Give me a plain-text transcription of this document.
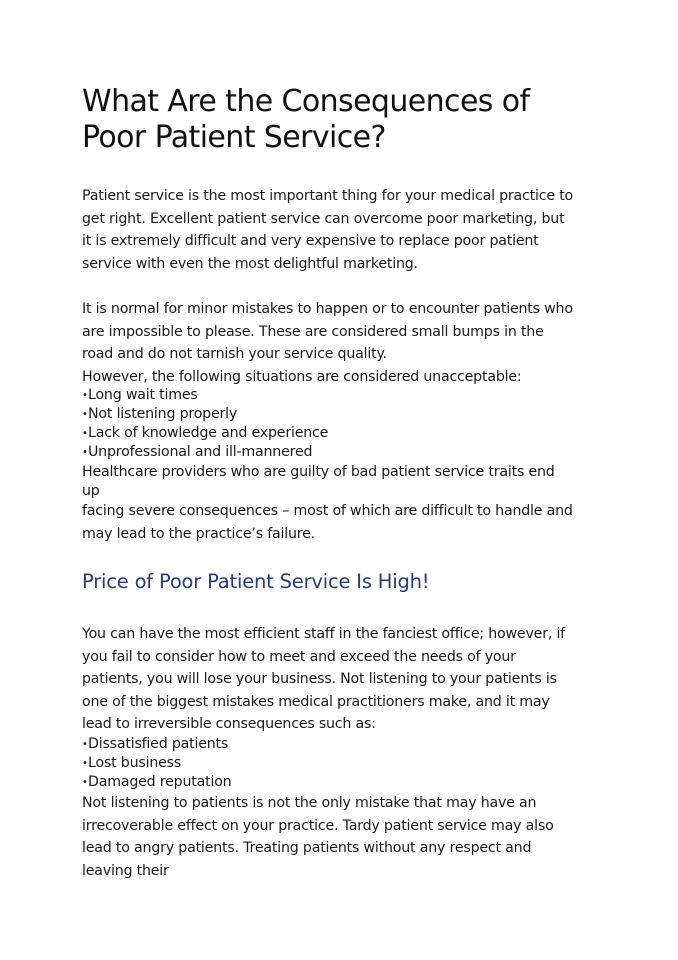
What Are the Consequences of Poor Patient Service?

Patient service is the most important thing for your medical practice to
get right. Excellent patient service can overcome poor marketing, but
it is extremely difficult and very expensive to replace poor patient
service with even the most delightful marketing.

It is normal for minor mistakes to happen or to encounter patients who
are impossible to please. These are considered small bumps in the
road and do not tarnish your service quality.

However, the following situations are considered unacceptable:

•Long wait times
•Not listening properly
•Lack of knowledge and experience
•Unprofessional and ill-mannered

Healthcare providers who are guilty of bad patient service traits end
up

facing severe consequences – most of which are difficult to handle and
may lead to the practice’s failure.

Price of Poor Patient Service Is High!

You can have the most efficient staff in the fanciest office; however, if
you fail to consider how to meet and exceed the needs of your
patients, you will lose your business. Not listening to your patients is
one of the biggest mistakes medical practitioners make, and it may
lead to irreversible consequences such as:

•Dissatisfied patients
•Lost business
•Damaged reputation

Not listening to patients is not the only mistake that may have an
irrecoverable effect on your practice. Tardy patient service may also
lead to angry patients. Treating patients without any respect and
leaving their
